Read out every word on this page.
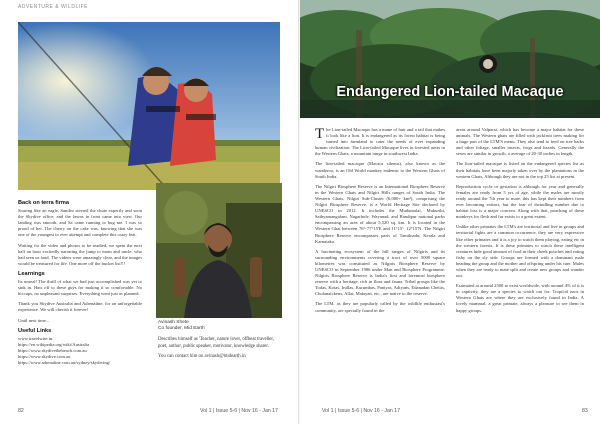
ADVENTURE & WILDLIFE
Back on terra firma

Soaring like an eagle, Sandeo steered the chute expertly and soon the Skydive office, and the lawns in front came into view. Our landing was smooth, and Sa came running to hug me. I was so proud of her. The cherry on the cake was, knowing that she was one of the youngest to ever attempt and complete this crazy feat.

Waiting for the video and photos to be readied, we spent the next half an hour excitedly narrating the jump to mom and uncle, who had seen us land. The videos were amazingly clear, and the images would be treasured for life. One more off the bucket list!!!

Learnings

Its unreal! The thrill of what we had just accomplished was yet to sink in. Hats off to these guys for making it so comfortable. No hiccups, no unpleasant surprises. Everything went just as planned.

Thank you Skydive Australia and Adrenaline, for an unforgettable experience. We will cherish it forever!

Until next time...

Useful Links
www.travelwire.in
https://en.wikipedia.org/wiki/Australia
https://www.skydivethebeach.com.au
https://www.skydive.com.au
https://www.adrenaline.com.au/sydney/skydiving/
Avinash Shete
Co founder, Mid Earth

Describes himself as 'Teacher, nature lover, offbeat traveller, poet, author, public speaker, motivator, knowledge sharer.

You can contact him on avinash@midearth.in

82	Vol 1 | Issue 5-6 | Nov 16 - Jan 17
Endangered Lion-tailed Macaque
Vol 1 | Issue 5-6 | Nov 16 - Jan 17	83

The Lion-tailed Macaque has a mane of hair and a tail that makes it look like a lion. It is endangered as its forest habitat is being turned into farmland to cater the needs of ever expanding human civilization. The Lion-tailed Macaque lives in forested areas in the Western Ghats, a mountain range in southwest India.

The lion-tailed macaque (Macaca silenus), also known as the wanderoo, is an Old World monkey endemic to the Western Ghats of South India.

The Nilgiri Biosphere Reserve is an International Biosphere Reserve in the Western Ghats and Nilgiri Hills ranges of South India. The Western Ghats, Nilgiri Sub-Cluster (6,000+ km²), comprising the Nilgiri Biosphere Reserve, is a World Heritage Site declared by UNESCO in 2012. It includes the Mudumalai, Mukurthi, Sathyamangalam, Nagarhole, Wayanad, and Bandipur national parks encompassing an area of about 5,520 sq. km. It is located in the Western Ghat between 76°-77°15'E and 11°15'- 12°15'N. The Nilgiri Biosphere Reserve encompasses parts of Tamilnadu, Kerala and Karnataka.

A fascinating ecosystem of the hill ranges of Nilgiris and its surrounding environments covering a tract of over 5000 square kilometres was constituted as Nilgiris Biosphere Reserve by UNESCO in September 1986 under Man and Biosphere Programme. Nilgiris Biosphere Reserve is India's first and foremost biosphere reserve with a heritage, rich in flora and fauna. Tribal groups like the Todas, Kotas, Irullas, Kurumbas, Paniyas, Adiyans, Edanadan Chettis, Cholanaickens, Allar, Malayan, etc., are native to the reserve.

The LTM, as they are popularly called by the wildlife enthusiast's community, are specially found in the

areas around Valparai, which has become a major habitat for these animals. The Western ghats are filled with jackfruit trees making for a huge part of the LTM'S menu. They also tend to feed on tree barks and other foliage, smaller insects, frogs and lizards. Generally the sexes are similar in growth, a average of 20-30 inches in length.

The lion-tailed macaque is listed on the endangered species list as their habitats have been majorly taken over by the plantations in the western Ghats, Although they are not in the top 25 list at present.

Reproduction cycle or gestation is although for year and generally females are ready from 5 yrs of age, while the males are mostly ready around the 7th year to mate, this has kept their numbers from ever becoming extinct, but the fear of dwindling number due to habitat loss is a major concern. Along with that, poaching of these monkeys for flesh and fur exists to a great extent.

Unlike other primates the LTM's are territorial and live in groups and territorial fights are a common occurrence, they are very expressive like other primates and it is a joy to watch them playing, eating etc in the western forests. It is these primates to watch these intelligent creatures hide good amount of food in their cheek pouches and eating fishy on the sly side. Groups are formed with a dominant male heading the group and the mother and offspring under his care. Males when they are ready to mate split and create new groups and wander out.

Estimated at around 2500 to exist worldwide, with around 4% of it is in captivity, they are a species to watch out for, Tropical zoos in Western Ghats are where they are exclusively found in India. A lovely mammal, a great primate, always a pleasure to see them in happy groups.
